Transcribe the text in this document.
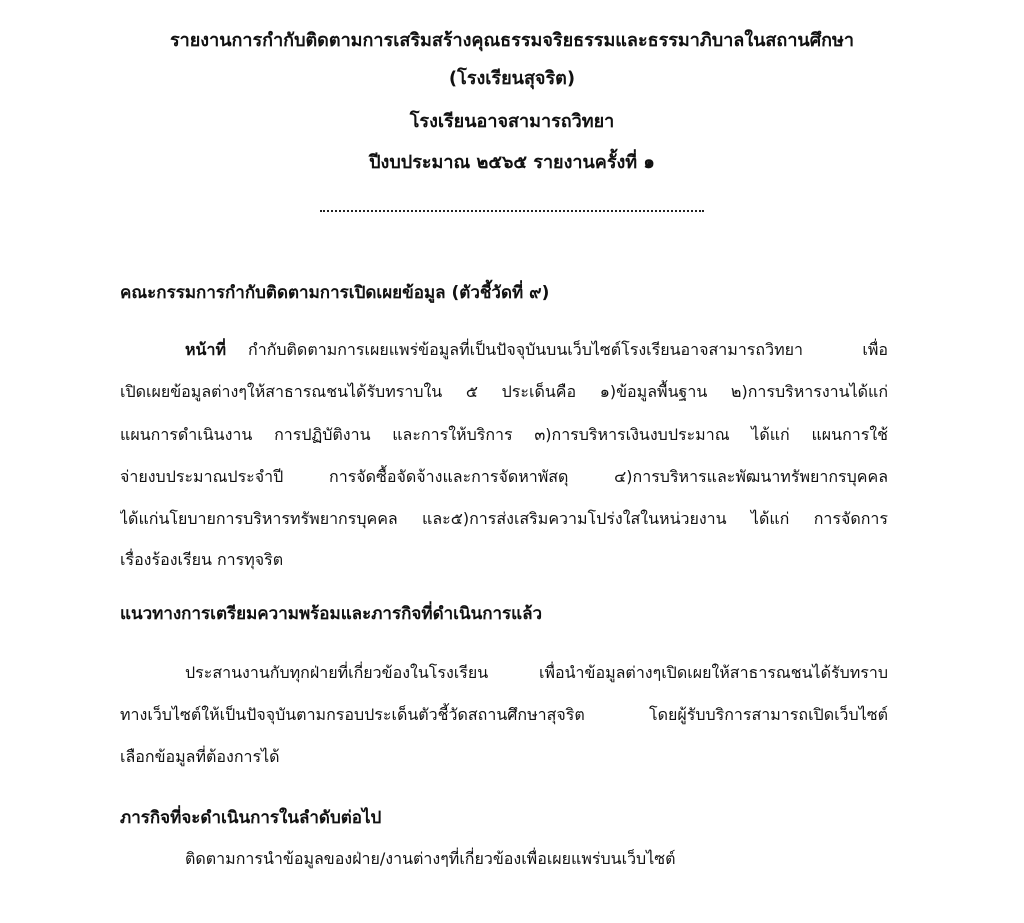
รายงานการกำกับติดตามการเสริมสร้างคุณธรรมจริยธรรมและธรรมาภิบาลในสถานศึกษา
(โรงเรียนสุจริต)
โรงเรียนอาจสามารถวิทยา
ปีงบประมาณ ๒๕๖๕ รายงานครั้งที่ ๑
คณะกรรมการกำกับติดตามการเปิดเผยข้อมูล (ตัวชี้วัดที่ ๙)
หน้าที่ กำกับติดตามการเผยแพร่ข้อมูลที่เป็นปัจจุบันบนเว็บไซต์โรงเรียนอาจสามารถวิทยา เพื่อ
เปิดเผยข้อมูลต่างๆให้สาธารณชนได้รับทราบใน ๕ ประเด็นคือ ๑)ข้อมูลพื้นฐาน ๒)การบริหารงานได้แก่
แผนการดำเนินงาน การปฏิบัติงาน และการให้บริการ ๓)การบริหารเงินงบประมาณ ได้แก่ แผนการใช้
จ่ายงบประมาณประจำปี การจัดซื้อจัดจ้างและการจัดหาพัสดุ ๔)การบริหารและพัฒนาทรัพยากรบุคคล
ได้แก่นโยบายการบริหารทรัพยากรบุคคล และ๕)การส่งเสริมความโปร่งใสในหน่วยงาน ได้แก่ การจัดการ
เรื่องร้องเรียน การทุจริต
แนวทางการเตรียมความพร้อมและภารกิจที่ดำเนินการแล้ว
ประสานงานกับทุกฝ่ายที่เกี่ยวข้องในโรงเรียน เพื่อนำข้อมูลต่างๆเปิดเผยให้สาธารณชนได้รับทราบ
ทางเว็บไซต์ให้เป็นปัจจุบันตามกรอบประเด็นตัวชี้วัดสถานศึกษาสุจริต โดยผู้รับบริการสามารถเปิดเว็บไซต์
เลือกข้อมูลที่ต้องการได้
ภารกิจที่จะดำเนินการในลำดับต่อไป
ติดตามการนำข้อมูลของฝ่าย/งานต่างๆที่เกี่ยวข้องเพื่อเผยแพร่บนเว็บไซต์
